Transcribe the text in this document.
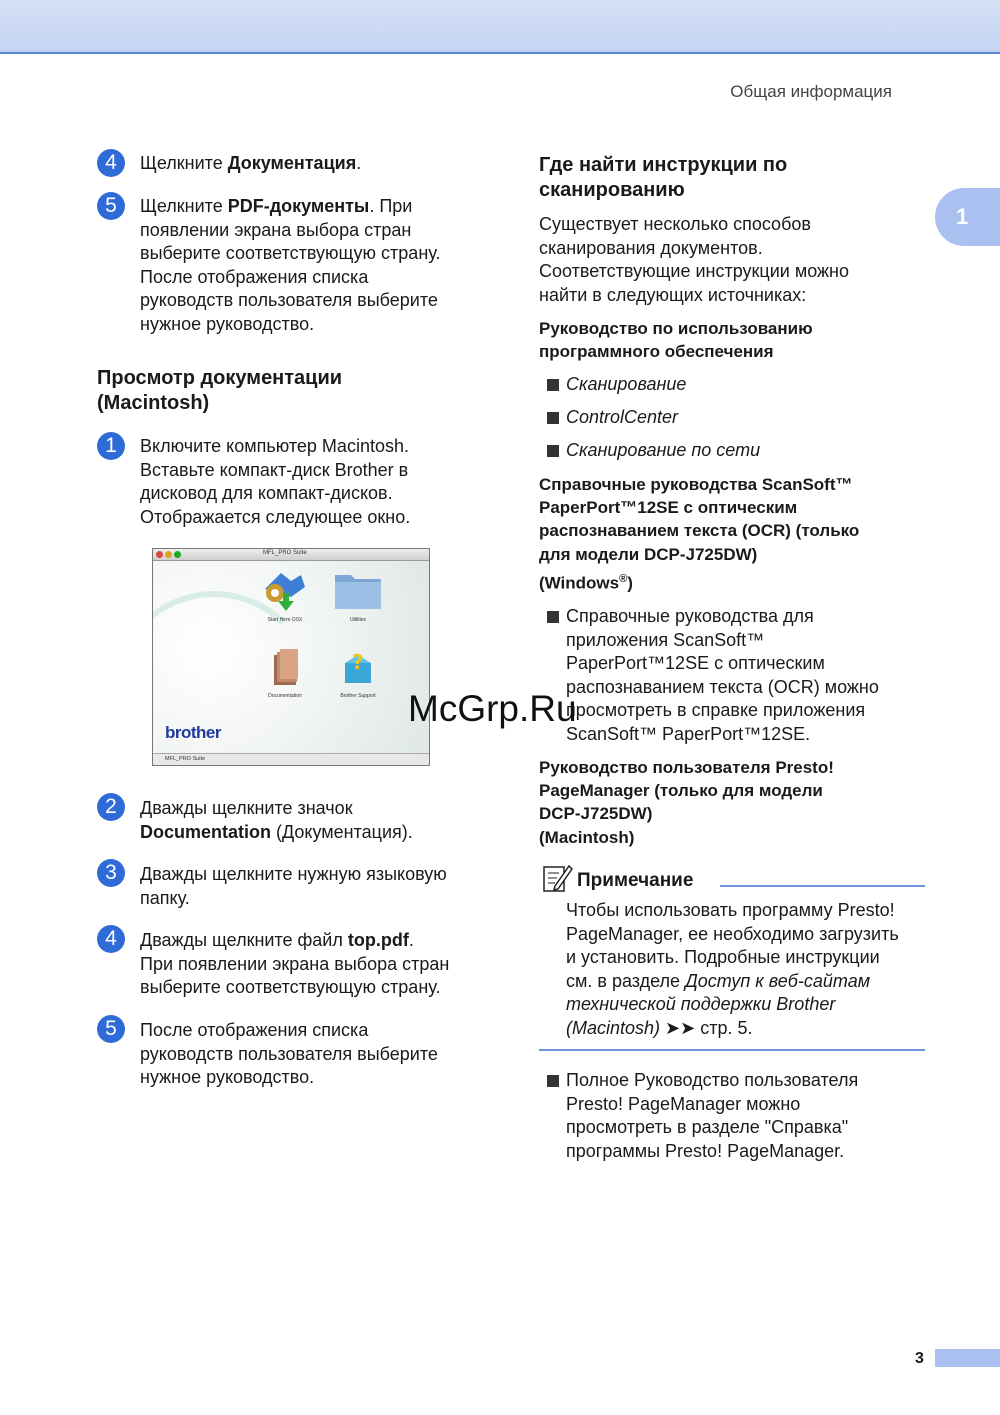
Общая информация
1
4	Щелкните Документация.
5	Щелкните PDF-документы. При
появлении экрана выбора стран
выберите соответствующую страну.
После отображения списка
руководств пользователя выберите
нужное руководство.
Просмотр документации
(Macintosh)
1	Включите компьютер Macintosh.
Вставьте компакт-диск Brother в
дисковод для компакт-дисков.
Отображается следующее окно.
MFL_PRO Suite
Start Here OSX	Utilities
Documentation
?
Brother Support
brother
MFL_PRO Suite
2	Дважды щелкните значок
Documentation (Документация).
3	Дважды щелкните нужную языковую
папку.
4	Дважды щелкните файл top.pdf.
При появлении экрана выбора стран
выберите соответствующую страну.
5	После отображения списка
руководств пользователя выберите
нужное руководство.
Где найти инструкции по
сканированию
Существует несколько способов
сканирования документов.
Соответствующие инструкции можно
найти в следующих источниках:
Руководство по использованию
программного обеспечения
Сканирование
ControlCenter
Сканирование по сети
Справочные руководства ScanSoft™
PaperPort™12SE с оптическим
распознаванием текста (OCR) (только
для модели DCP-J725DW)
(Windows®)
Справочные руководства для
приложения ScanSoft™
PaperPort™12SE с оптическим
распознаванием текста (OCR) можно
просмотреть в справке приложения
ScanSoft™ PaperPort™12SE.
Руководство пользователя Presto!
PageManager (только для модели
DCP-J725DW)
(Macintosh)
Примечание
Чтобы использовать программу Presto!
PageManager, ее необходимо загрузить
и установить. Подробные инструкции
см. в разделе Доступ к веб-сайтам
технической поддержки Brother
(Macintosh) ➤➤ стр. 5.
Полное Руководство пользователя
Presto! PageManager можно
просмотреть в разделе "Справка"
программы Presto! PageManager.
McGrp.Ru
3
